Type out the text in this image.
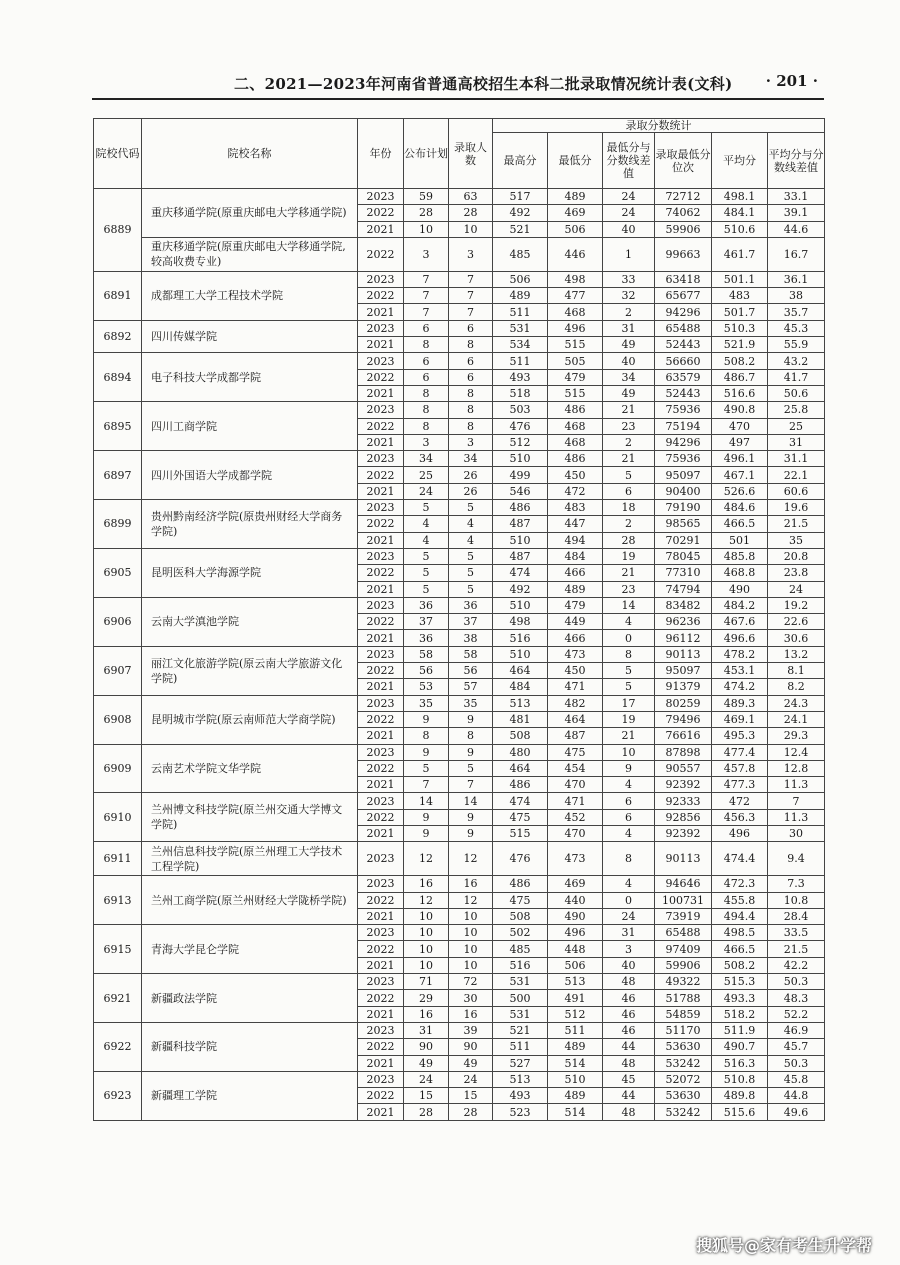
二、2021—2023年河南省普通高校招生本科二批录取情况统计表(文科) · 201 ·
院校代码	院校名称	年份	公布计划	录取人数	录取分数统计					
					最高分	最低分	最低分与分数线差值	录取最低分位次	平均分	平均分与分数线差值
6889	重庆移通学院(原重庆邮电大学移通学院)	2023	59	63	517	489	24	72712	498.1	33.1
		2022	28	28	492	469	24	74062	484.1	39.1
		2021	10	10	521	506	40	59906	510.6	44.6
	重庆移通学院(原重庆邮电大学移通学院,较高收费专业)	2022	3	3	485	446	1	99663	461.7	16.7
6891	成都理工大学工程技术学院	2023	7	7	506	498	33	63418	501.1	36.1
		2022	7	7	489	477	32	65677	483	38
		2021	7	7	511	468	2	94296	501.7	35.7
6892	四川传媒学院	2023	6	6	531	496	31	65488	510.3	45.3
		2021	8	8	534	515	49	52443	521.9	55.9
6894	电子科技大学成都学院	2023	6	6	511	505	40	56660	508.2	43.2
		2022	6	6	493	479	34	63579	486.7	41.7
		2021	8	8	518	515	49	52443	516.6	50.6
6895	四川工商学院	2023	8	8	503	486	21	75936	490.8	25.8
		2022	8	8	476	468	23	75194	470	25
		2021	3	3	512	468	2	94296	497	31
6897	四川外国语大学成都学院	2023	34	34	510	486	21	75936	496.1	31.1
		2022	25	26	499	450	5	95097	467.1	22.1
		2021	24	26	546	472	6	90400	526.6	60.6
6899	贵州黔南经济学院(原贵州财经大学商务学院)	2023	5	5	486	483	18	79190	484.6	19.6
		2022	4	4	487	447	2	98565	466.5	21.5
		2021	4	4	510	494	28	70291	501	35
6905	昆明医科大学海源学院	2023	5	5	487	484	19	78045	485.8	20.8
		2022	5	5	474	466	21	77310	468.8	23.8
		2021	5	5	492	489	23	74794	490	24
6906	云南大学滇池学院	2023	36	36	510	479	14	83482	484.2	19.2
		2022	37	37	498	449	4	96236	467.6	22.6
		2021	36	38	516	466	0	96112	496.6	30.6
6907	丽江文化旅游学院(原云南大学旅游文化学院)	2023	58	58	510	473	8	90113	478.2	13.2
		2022	56	56	464	450	5	95097	453.1	8.1
		2021	53	57	484	471	5	91379	474.2	8.2
6908	昆明城市学院(原云南师范大学商学院)	2023	35	35	513	482	17	80259	489.3	24.3
		2022	9	9	481	464	19	79496	469.1	24.1
		2021	8	8	508	487	21	76616	495.3	29.3
6909	云南艺术学院文华学院	2023	9	9	480	475	10	87898	477.4	12.4
		2022	5	5	464	454	9	90557	457.8	12.8
		2021	7	7	486	470	4	92392	477.3	11.3
6910	兰州博文科技学院(原兰州交通大学博文学院)	2023	14	14	474	471	6	92333	472	7
		2022	9	9	475	452	6	92856	456.3	11.3
		2021	9	9	515	470	4	92392	496	30
6911	兰州信息科技学院(原兰州理工大学技术工程学院)	2023	12	12	476	473	8	90113	474.4	9.4
6913	兰州工商学院(原兰州财经大学陇桥学院)	2023	16	16	486	469	4	94646	472.3	7.3
		2022	12	12	475	440	0	100731	455.8	10.8
		2021	10	10	508	490	24	73919	494.4	28.4
6915	青海大学昆仑学院	2023	10	10	502	496	31	65488	498.5	33.5
		2022	10	10	485	448	3	97409	466.5	21.5
		2021	10	10	516	506	40	59906	508.2	42.2
6921	新疆政法学院	2023	71	72	531	513	48	49322	515.3	50.3
		2022	29	30	500	491	46	51788	493.3	48.3
		2021	16	16	531	512	46	54859	518.2	52.2
6922	新疆科技学院	2023	31	39	521	511	46	51170	511.9	46.9
		2022	90	90	511	489	44	53630	490.7	45.7
		2021	49	49	527	514	48	53242	516.3	50.3
6923	新疆理工学院	2023	24	24	513	510	45	52072	510.8	45.8
		2022	15	15	493	489	44	53630	489.8	44.8
		2021	28	28	523	514	48	53242	515.6	49.6
搜狐号@家有考生升学帮
